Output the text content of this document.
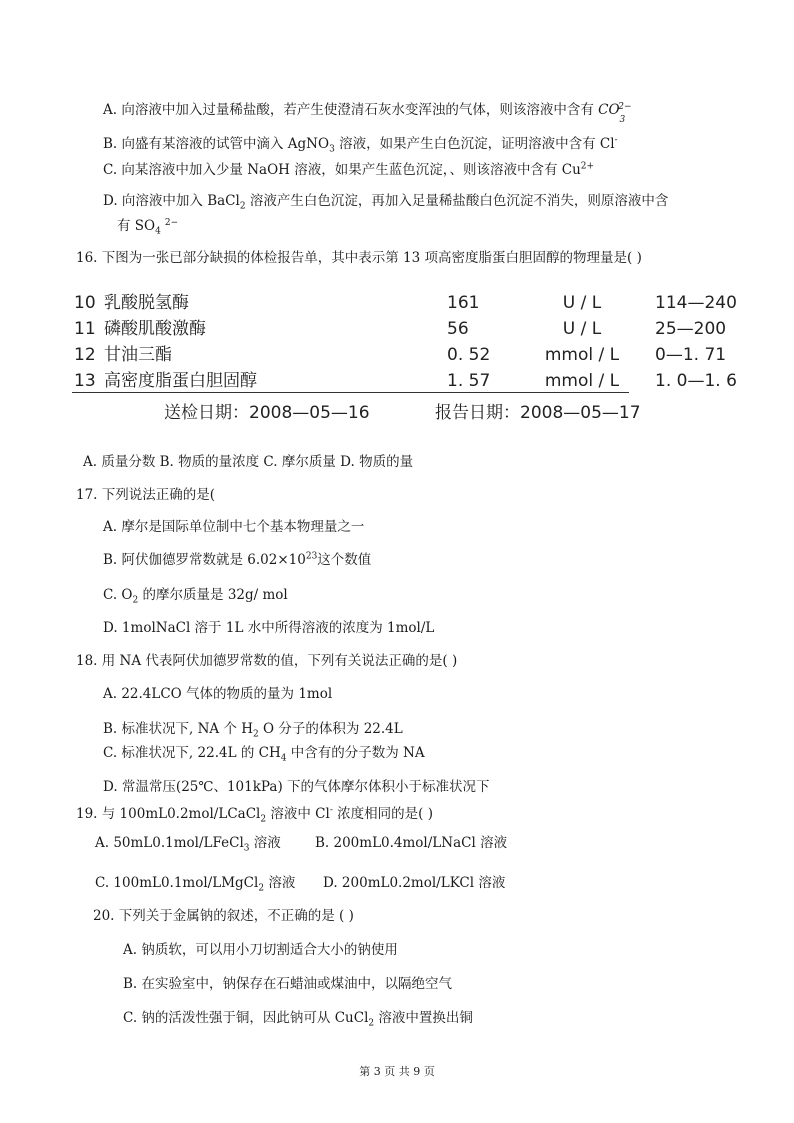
A. 向溶液中加入过量稀盐酸，若产生使澄清石灰水变浑浊的气体，则该溶液中含有 $CO_3^{2-}$
B. 向盛有某溶液的试管中滴入 AgNO$_3$ 溶液，如果产生白色沉淀，证明溶液中含有 Cl-
C. 向某溶液中加入少量 NaOH 溶液，如果产生蓝色沉淀，、则该溶液中含有 $Cu^{2+}$
D. 向溶液中加入 BaCl$_2$ 溶液产生白色沉淀，再加入足量稀盐酸白色沉淀不消失，则原溶液中含
有 $SO_4^{2-}$
16. 下图为一张已部分缺损的体检报告单，其中表示第 13 项高密度脂蛋白胆固醇的物理量是( )
10 乳酸脱氢酶	161	U / L	114—240
11 磷酸肌酸激酶	56	U / L	25—200
12 甘油三酯	0. 52	mmol / L	0—1. 71
13 高密度脂蛋白胆固醇	1. 57	mmol / L	1. 0—1. 6
送检日期：2008—05—16	报告日期：2008—05—17
A. 质量分数 B. 物质的量浓度 C. 摩尔质量 D. 物质的量
17. 下列说法正确的是(
A. 摩尔是国际单位制中七个基本物理量之一
B. 阿伏伽德罗常数就是 $6.02\times 10^{23}$这个数值
C. $O_2$ 的摩尔质量是 32g/ mol
D. 1molNaCl 溶于 1L 水中所得溶液的浓度为 1mol/L
18. 用 NA 代表阿伏加德罗常数的值，下列有关说法正确的是( )
A. 22.4LCO 气体的物质的量为 1mol
B. 标准状况下, NA 个 $H_2$ O 分子的体积为 22.4L
C. 标准状况下, 22.4L 的 $CH_4$ 中含有的分子数为 NA
D. 常温常压(25℃、101kPa) 下的气体摩尔体积小于标准状况下
19. 与 100mL0.2mol/LCaCl$_2$ 溶液中 Cl- 浓度相同的是( )
A. 50mL0.1mol/LFeCl$_3$ 溶液	B. 200mL0.4mol/LNaCl 溶液
C. 100mL0.1mol/LMgCl$_2$ 溶液 D. 200mL0.2mol/LKCl 溶液
20. 下列关于金属钠的叙述，不正确的是 ( )
A. 钠质软，可以用小刀切割适合大小的钠使用
B. 在实验室中，钠保存在石蜡油或煤油中，以隔绝空气
C. 钠的活泼性强于铜，因此钠可从 CuCl$_2$ 溶液中置换出铜
第 3 页 共 9 页
